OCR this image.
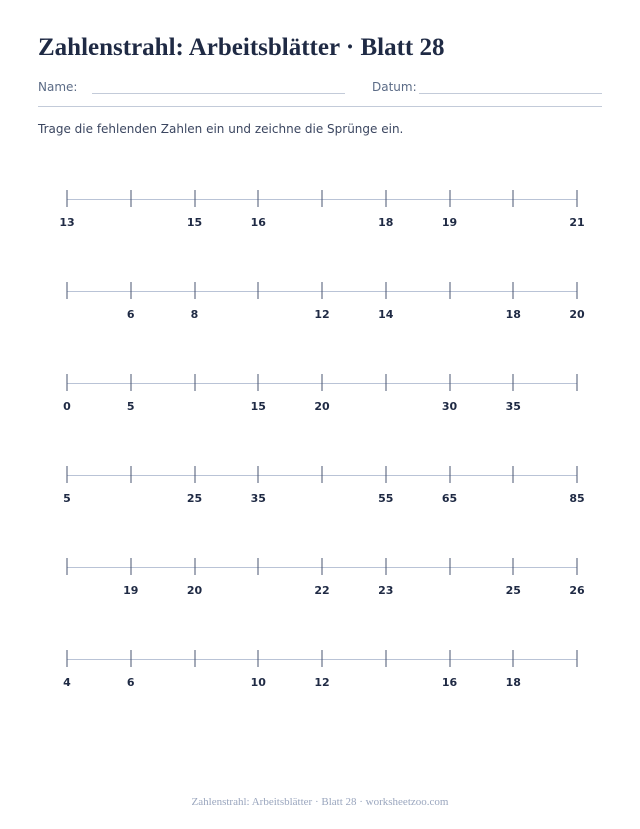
Zahlenstrahl: Arbeitsblätter · Blatt 28
Name:	Datum:
Trage die fehlenden Zahlen ein und zeichne die Sprünge ein.
13	15	16	18	19	21
6	8	12	14	18	20
0	5	15	20	30	35
5	25	35	55	65	85
19	20	22	23	25	26
4	6	10	12	16	18
Zahlenstrahl: Arbeitsblätter · Blatt 28 · worksheetzoo.com
